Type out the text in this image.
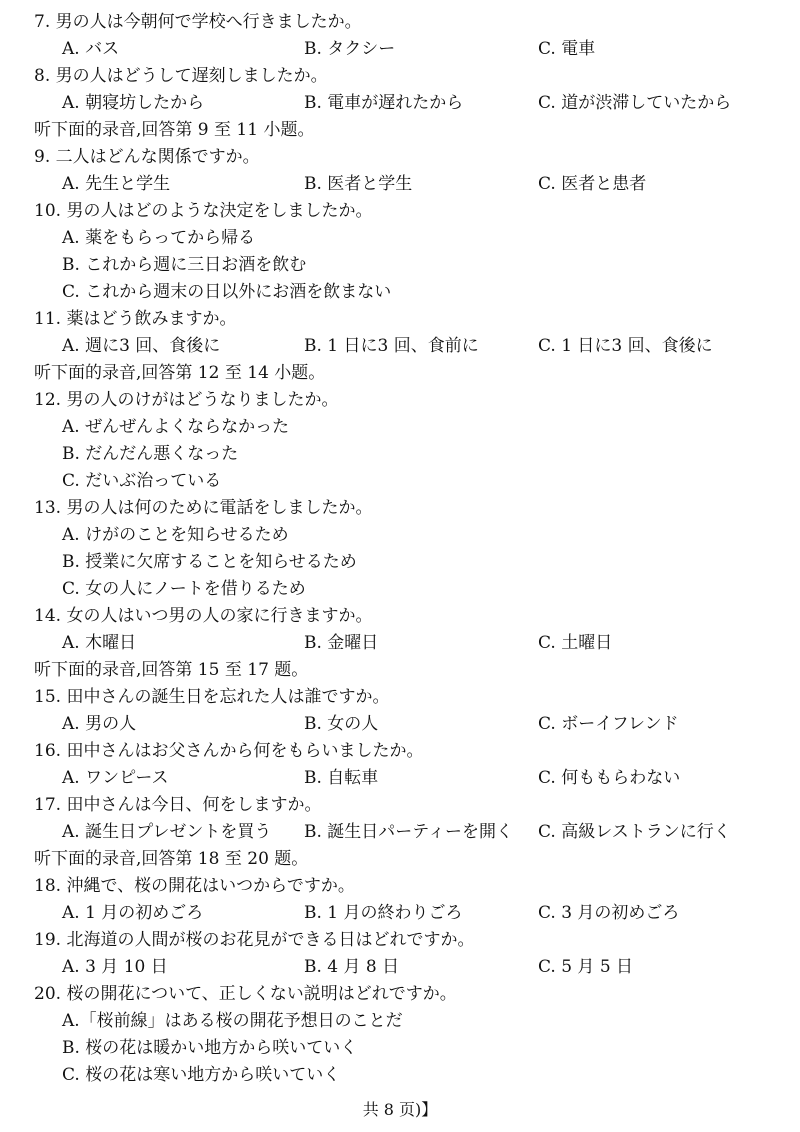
7. 男の人は今朝何で学校へ行きましたか。
A. バス	B. タクシー	C. 電車
8. 男の人はどうして遅刻しましたか。
A. 朝寝坊したから	B. 電車が遅れたから	C. 道が渋滞していたから
听下面的录音,回答第 9 至 11 小题。
9. 二人はどんな関係ですか。
A. 先生と学生	B. 医者と学生	C. 医者と患者
10. 男の人はどのような決定をしましたか。
A. 薬をもらってから帰る
B. これから週に三日お酒を飲む
C. これから週末の日以外にお酒を飲まない
11. 薬はどう飲みますか。
A. 週に3 回、食後に	B. 1 日に3 回、食前に	C. 1 日に3 回、食後に
听下面的录音,回答第 12 至 14 小题。
12. 男の人のけがはどうなりましたか。
A. ぜんぜんよくならなかった
B. だんだん悪くなった
C. だいぶ治っている
13. 男の人は何のために電話をしましたか。
A. けがのことを知らせるため
B. 授業に欠席することを知らせるため
C. 女の人にノートを借りるため
14. 女の人はいつ男の人の家に行きますか。
A. 木曜日	B. 金曜日	C. 土曜日
听下面的录音,回答第 15 至 17 题。
15. 田中さんの誕生日を忘れた人は誰ですか。
A. 男の人	B. 女の人	C. ボーイフレンド
16. 田中さんはお父さんから何をもらいましたか。
A. ワンピース	B. 自転車	C. 何ももらわない
17. 田中さんは今日、何をしますか。
A. 誕生日プレゼントを買う B. 誕生日パーティーを開く C. 高級レストランに行く
听下面的录音,回答第 18 至 20 题。
18. 沖縄で、桜の開花はいつからですか。
A. 1 月の初めごろ	B. 1 月の終わりごろ	C. 3 月の初めごろ
19. 北海道の人間が桜のお花見ができる日はどれですか。
A. 3 月 10 日	B. 4 月 8 日	C. 5 月 5 日
20. 桜の開花について、正しくない説明はどれですか。
A.「桜前線」はある桜の開花予想日のことだ
B. 桜の花は暖かい地方から咲いていく
C. 桜の花は寒い地方から咲いていく
共 8 页)】
